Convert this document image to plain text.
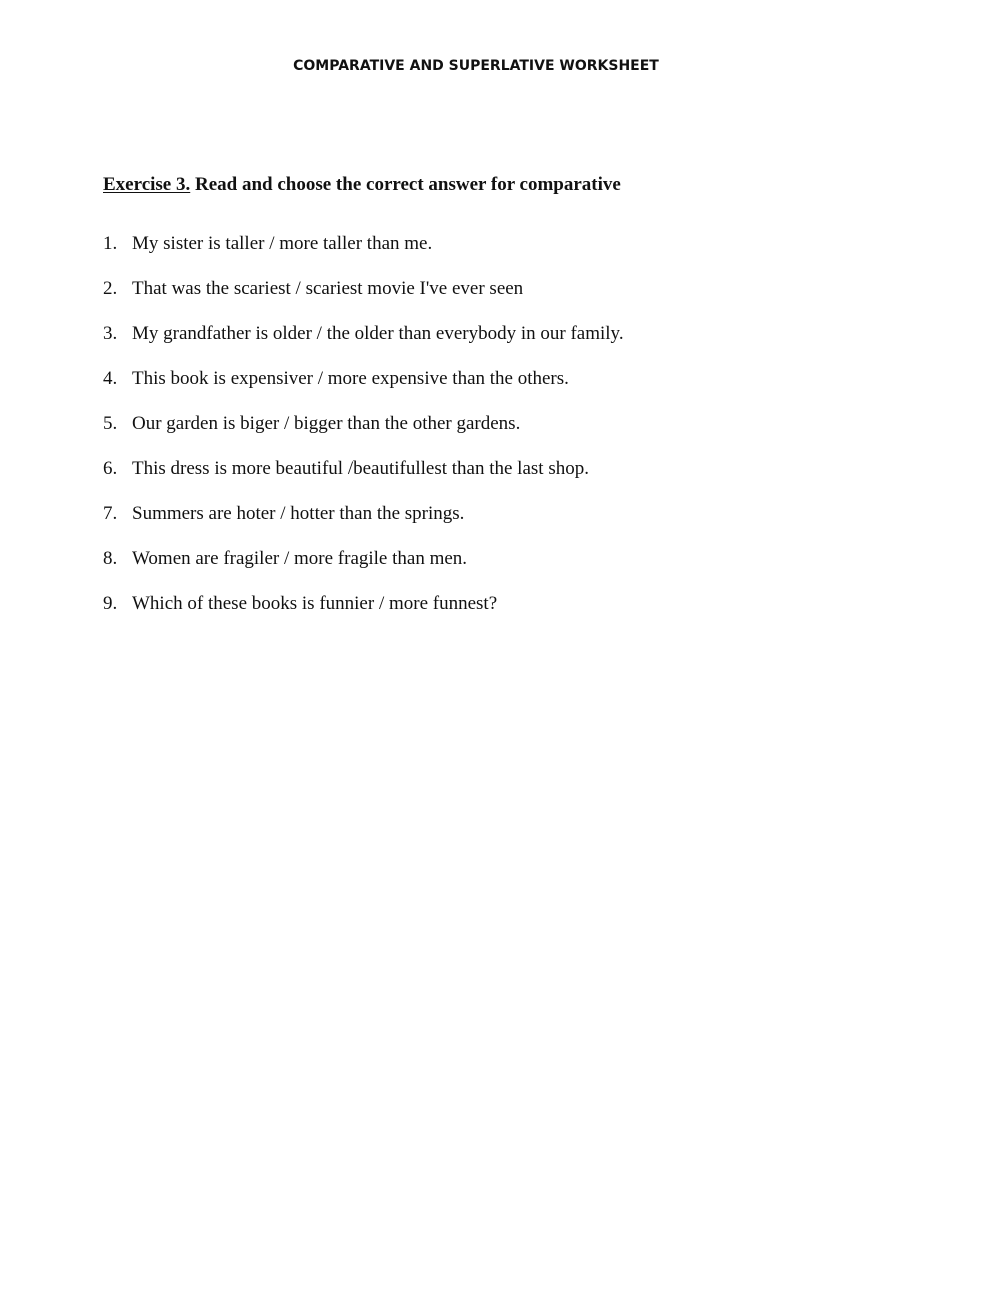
COMPARATIVE AND SUPERLATIVE WORKSHEET
Exercise 3. Read and choose the correct answer for comparative
1. My sister is taller / more taller than me.
2. That was the scariest / scariest movie I've ever seen
3. My grandfather is older / the older than everybody in our family.
4. This book is expensiver / more expensive than the others.
5. Our garden is biger / bigger than the other gardens.
6. This dress is more beautiful /beautifullest than the last shop.
7. Summers are hoter / hotter than the springs.
8. Women are fragiler / more fragile than men.
9. Which of these books is funnier / more funnest?
